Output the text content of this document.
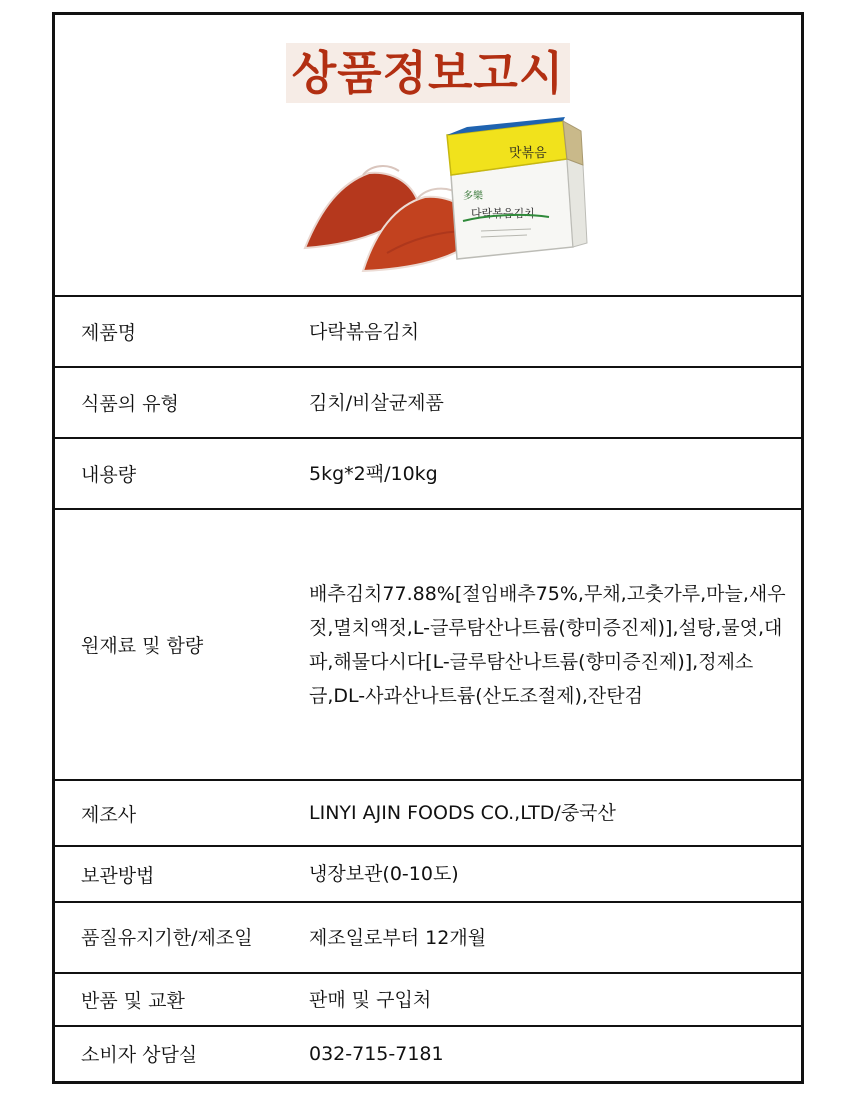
상품정보고시
맛볶음
多樂
다락볶음김치
제품명	다락볶음김치
식품의 유형	김치/비살균제품
내용량	5kg*2팩/10kg
원재료 및 함량	배추김치77.88%[절임배추75%,무채,고춧가루,마늘,새우젓,멸치액젓,L-글루탐산나트륨(향미증진제)],설탕,물엿,대파,해물다시다[L-글루탐산나트륨(향미증진제)],정제소금,DL-사과산나트륨(산도조절제),잔탄검
제조사	LINYI AJIN FOODS CO.,LTD/중국산
보관방법	냉장보관(0-10도)
품질유지기한/제조일	제조일로부터 12개월
반품 및 교환	판매 및 구입처
소비자 상담실	032-715-7181
